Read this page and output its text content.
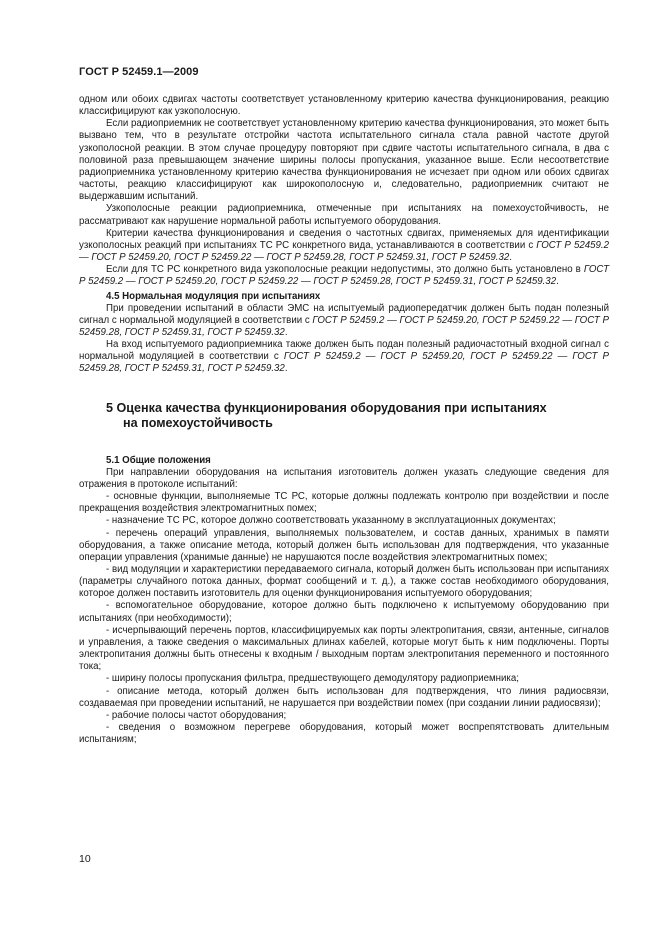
ГОСТ Р 52459.1—2009

одном или обоих сдвигах частоты соответствует установленному критерию качества функционирования, реакцию классифицируют как узкополосную.

Если радиоприемник не соответствует установленному критерию качества функционирования, это может быть вызвано тем, что в результате отстройки частота испытательного сигнала стала равной частоте другой узкополосной реакции. В этом случае процедуру повторяют при сдвиге частоты испытательного сигнала, в два с половиной раза превышающем значение ширины полосы пропускания, указанное выше. Если несоответствие радиоприемника установленному критерию качества функционирования не исчезает при одном или обоих сдвигах частоты, реакцию классифицируют как широкополосную и, следовательно, радиоприемник считают не выдержавшим испытаний.

Узкополосные реакции радиоприемника, отмеченные при испытаниях на помехоустойчивость, не рассматривают как нарушение нормальной работы испытуемого оборудования.

Критерии качества функционирования и сведения о частотных сдвигах, применяемых для идентификации узкополосных реакций при испытаниях ТС РС конкретного вида, устанавливаются в соответствии с ГОСТ Р 52459.2 — ГОСТ Р 52459.20, ГОСТ Р 52459.22 — ГОСТ Р 52459.28, ГОСТ Р 52459.31, ГОСТ Р 52459.32.

Если для ТС РС конкретного вида узкополосные реакции недопустимы, это должно быть установлено в ГОСТ Р 52459.2 — ГОСТ Р 52459.20, ГОСТ Р 52459.22 — ГОСТ Р 52459.28, ГОСТ Р 52459.31, ГОСТ Р 52459.32.

4.5 Нормальная модуляция при испытаниях

При проведении испытаний в области ЭМС на испытуемый радиопередатчик должен быть подан полезный сигнал с нормальной модуляцией в соответствии с ГОСТ Р 52459.2 — ГОСТ Р 52459.20, ГОСТ Р 52459.22 — ГОСТ Р 52459.28, ГОСТ Р 52459.31, ГОСТ Р 52459.32.

На вход испытуемого радиоприемника также должен быть подан полезный радиочастотный входной сигнал с нормальной модуляцией в соответствии с ГОСТ Р 52459.2 — ГОСТ Р 52459.20, ГОСТ Р 52459.22 — ГОСТ Р 52459.28, ГОСТ Р 52459.31, ГОСТ Р 52459.32.

5 Оценка качества функционирования оборудования при испытаниях
на помехоустойчивость
5.1 Общие положения

При направлении оборудования на испытания изготовитель должен указать следующие сведения для отражения в протоколе испытаний:

- основные функции, выполняемые ТС РС, которые должны подлежать контролю при воздействии и после прекращения воздействия электромагнитных помех;

- назначение ТС РС, которое должно соответствовать указанному в эксплуатационных документах;

- перечень операций управления, выполняемых пользователем, и состав данных, хранимых в памяти оборудования, а также описание метода, который должен быть использован для подтверждения, что указанные операции управления (хранимые данные) не нарушаются после воздействия электромагнитных помех;

- вид модуляции и характеристики передаваемого сигнала, который должен быть использован при испытаниях (параметры случайного потока данных, формат сообщений и т. д.), а также состав необходимого оборудования, которое должен поставить изготовитель для оценки функционирования испытуемого оборудования;

- вспомогательное оборудование, которое должно быть подключено к испытуемому оборудованию при испытаниях (при необходимости);

- исчерпывающий перечень портов, классифицируемых как порты электропитания, связи, антенные, сигналов и управления, а также сведения о максимальных длинах кабелей, которые могут быть к ним подключены. Порты электропитания должны быть отнесены к входным / выходным портам электропитания переменного и постоянного тока;

- ширину полосы пропускания фильтра, предшествующего демодулятору радиоприемника;

- описание метода, который должен быть использован для подтверждения, что линия радиосвязи, создаваемая при проведении испытаний, не нарушается при воздействии помех (при создании линии радиосвязи);

- рабочие полосы частот оборудования;

- сведения о возможном перегреве оборудования, который может воспрепятствовать длительным испытаниям;

10
